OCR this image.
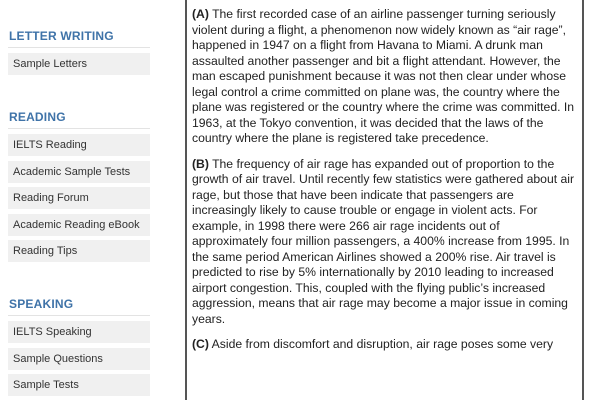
LETTER WRITING
Sample Letters
READING
IELTS Reading
Academic Sample Tests
Reading Forum
Academic Reading eBook
Reading Tips
SPEAKING
IELTS Speaking
Sample Questions
Sample Tests

(A) The first recorded case of an airline passenger turning seriously violent during a flight, a phenomenon now widely known as “air rage”, happened in 1947 on a flight from Havana to Miami. A drunk man assaulted another passenger and bit a flight attendant. However, the man escaped punishment because it was not then clear under whose legal control a crime committed on plane was, the country where the plane was registered or the country where the crime was committed. In 1963, at the Tokyo convention, it was decided that the laws of the country where the plane is registered take precedence.

(B) The frequency of air rage has expanded out of proportion to the growth of air travel. Until recently few statistics were gathered about air rage, but those that have been indicate that passengers are increasingly likely to cause trouble or engage in violent acts. For example, in 1998 there were 266 air rage incidents out of approximately four million passengers, a 400% increase from 1995. In the same period American Airlines showed a 200% rise. Air travel is predicted to rise by 5% internationally by 2010 leading to increased airport congestion. This, coupled with the flying public’s increased aggression, means that air rage may become a major issue in coming years.

(C) Aside from discomfort and disruption, air rage poses some very
